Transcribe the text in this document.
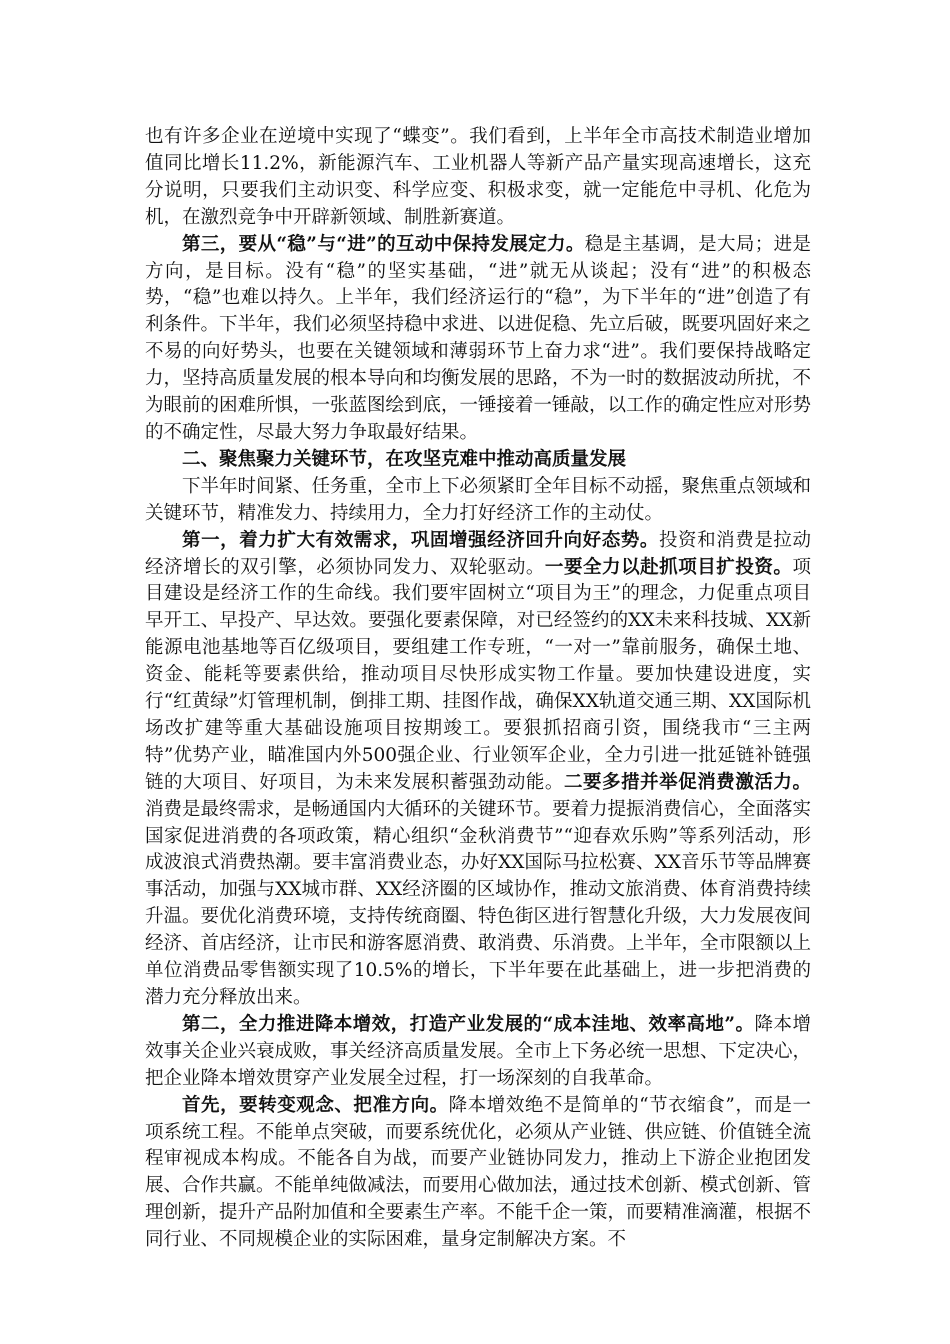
也有许多企业在逆境中实现了“蝶变”。我们看到，上半年全市高技术制造业增加值同比增长11.2%，新能源汽车、工业机器人等新产品产量实现高速增长，这充分说明，只要我们主动识变、科学应变、积极求变，就一定能危中寻机、化危为机，在激烈竞争中开辟新领域、制胜新赛道。

第三，要从“稳”与“进”的互动中保持发展定力。稳是主基调，是大局；进是方向，是目标。没有“稳”的坚实基础，“进”就无从谈起；没有“进”的积极态势，“稳”也难以持久。上半年，我们经济运行的“稳”，为下半年的“进”创造了有利条件。下半年，我们必须坚持稳中求进、以进促稳、先立后破，既要巩固好来之不易的向好势头，也要在关键领域和薄弱环节上奋力求“进”。我们要保持战略定力，坚持高质量发展的根本导向和均衡发展的思路，不为一时的数据波动所扰，不为眼前的困难所惧，一张蓝图绘到底，一锤接着一锤敲，以工作的确定性应对形势的不确定性，尽最大努力争取最好结果。

二、聚焦聚力关键环节，在攻坚克难中推动高质量发展

下半年时间紧、任务重，全市上下必须紧盯全年目标不动摇，聚焦重点领域和关键环节，精准发力、持续用力，全力打好经济工作的主动仗。

第一，着力扩大有效需求，巩固增强经济回升向好态势。投资和消费是拉动经济增长的双引擎，必须协同发力、双轮驱动。一要全力以赴抓项目扩投资。项目建设是经济工作的生命线。我们要牢固树立“项目为王”的理念，力促重点项目早开工、早投产、早达效。要强化要素保障，对已经签约的XX未来科技城、XX新能源电池基地等百亿级项目，要组建工作专班，“一对一”靠前服务，确保土地、资金、能耗等要素供给，推动项目尽快形成实物工作量。要加快建设进度，实行“红黄绿”灯管理机制，倒排工期、挂图作战，确保XX轨道交通三期、XX国际机场改扩建等重大基础设施项目按期竣工。要狠抓招商引资，围绕我市“三主两特”优势产业，瞄准国内外500强企业、行业领军企业，全力引进一批延链补链强链的大项目、好项目，为未来发展积蓄强劲动能。二要多措并举促消费激活力。消费是最终需求，是畅通国内大循环的关键环节。要着力提振消费信心，全面落实国家促进消费的各项政策，精心组织“金秋消费节”“迎春欢乐购”等系列活动，形成波浪式消费热潮。要丰富消费业态，办好XX国际马拉松赛、XX音乐节等品牌赛事活动，加强与XX城市群、XX经济圈的区域协作，推动文旅消费、体育消费持续升温。要优化消费环境，支持传统商圈、特色街区进行智慧化升级，大力发展夜间经济、首店经济，让市民和游客愿消费、敢消费、乐消费。上半年，全市限额以上单位消费品零售额实现了10.5%的增长，下半年要在此基础上，进一步把消费的潜力充分释放出来。

第二，全力推进降本增效，打造产业发展的“成本洼地、效率高地”。降本增效事关企业兴衰成败，事关经济高质量发展。全市上下务必统一思想、下定决心，把企业降本增效贯穿产业发展全过程，打一场深刻的自我革命。

首先，要转变观念、把准方向。降本增效绝不是简单的“节衣缩食”，而是一项系统工程。不能单点突破，而要系统优化，必须从产业链、供应链、价值链全流程审视成本构成。不能各自为战，而要产业链协同发力，推动上下游企业抱团发展、合作共赢。不能单纯做减法，而要用心做加法，通过技术创新、模式创新、管理创新，提升产品附加值和全要素生产率。不能千企一策，而要精准滴灌，根据不同行业、不同规模企业的实际困难，量身定制解决方案。不
